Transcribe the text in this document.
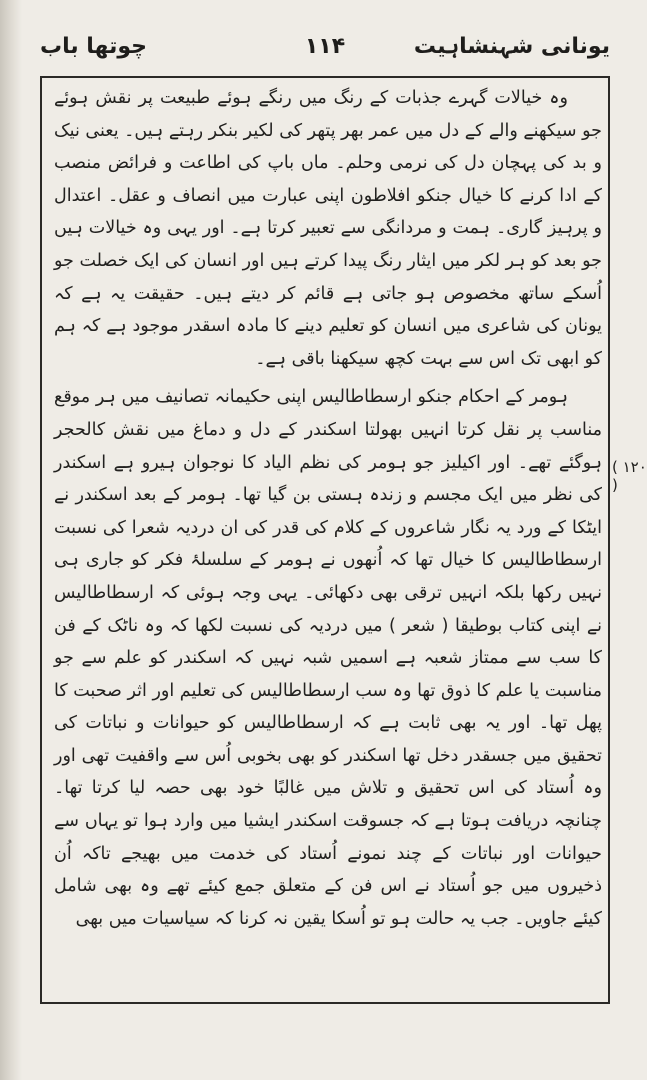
یونانی شہنشاہیت
۱۱۴
چوتھا باب

وہ خیالات گہرے جذبات کے رنگ میں رنگے ہوئے طبیعت پر نقش ہوئے جو سیکھنے والے کے دل میں عمر بھر پتھر کی لکیر بنکر رہتے ہیں۔ یعنی نیک و بد کی پہچان دل کی نرمی وحلم۔ ماں باپ کی اطاعت و فرائض منصب کے ادا کرنے کا خیال جنکو افلاطون اپنی عبارت میں انصاف و عقل۔ اعتدال و پرہیز گاری۔ ہمت و مردانگی سے تعبیر کرتا ہے۔ اور یہی وہ خیالات ہیں جو بعد کو ہر لکر میں ایثار رنگ پیدا کرتے ہیں اور انسان کی ایک خصلت جو اُسکے ساتھ مخصوص ہو جاتی ہے قائم کر دیتے ہیں۔ حقیقت یہ ہے کہ یونان کی شاعری میں انسان کو تعلیم دینے کا مادہ اسقدر موجود ہے کہ ہم کو ابھی تک اس سے بہت کچھ سیکھنا باقی ہے۔

ہومر کے احکام جنکو ارسطاطالیس اپنی حکیمانہ تصانیف میں ہر موقع مناسب پر نقل کرتا انہیں بھولتا اسکندر کے دل و دماغ میں نقش کالحجر ہوگئے تھے۔ اور اکیلیز جو ہومر کی نظم الیاد کا نوجوان ہیرو ہے اسکندر کی نظر میں ایک مجسم و زندہ ہستی بن گیا تھا۔ ہومر کے بعد اسکندر نے ایٹکا کے ورد یہ نگار شاعروں کے کلام کی قدر کی ان دردیہ شعرا کی نسبت ارسطاطالیس کا خیال تھا کہ اُنھوں نے ہومر کے سلسلۂ فکر کو جاری ہی نہیں رکھا بلکہ انہیں ترقی بھی دکھائی۔ یہی وجہ ہوئی کہ ارسطاطالیس نے اپنی کتاب بوطیقا ( شعر ) میں دردیہ کی نسبت لکھا کہ وہ ناٹک کے فن کا سب سے ممتاز شعبہ ہے اسمیں شبہ نہیں کہ اسکندر کو علم سے جو مناسبت یا علم کا ذوق تھا وہ سب ارسطاطالیس کی تعلیم اور اثر صحبت کا پھل تھا۔ اور یہ بھی ثابت ہے کہ ارسطاطالیس کو حیوانات و نباتات کی تحقیق میں جسقدر دخل تھا اسکندر کو بھی بخوبی اُس سے واقفیت تھی اور وہ اُستاد کی اس تحقیق و تلاش میں غالبًا خود بھی حصہ لیا کرتا تھا۔ چنانچہ دریافت ہوتا ہے کہ جسوقت اسکندر ایشیا میں وارد ہوا تو یہاں سے حیوانات اور نباتات کے چند نمونے اُستاد کی خدمت میں بھیجے تاکہ اُن ذخیروں میں جو اُستاد نے اس فن کے متعلق جمع کیئے تھے وہ بھی شامل کیئے جاویں۔ جب یہ حالت ہو تو اُسکا یقین نہ کرنا کہ سیاسیات میں بھی

( ۱۲۰ )
